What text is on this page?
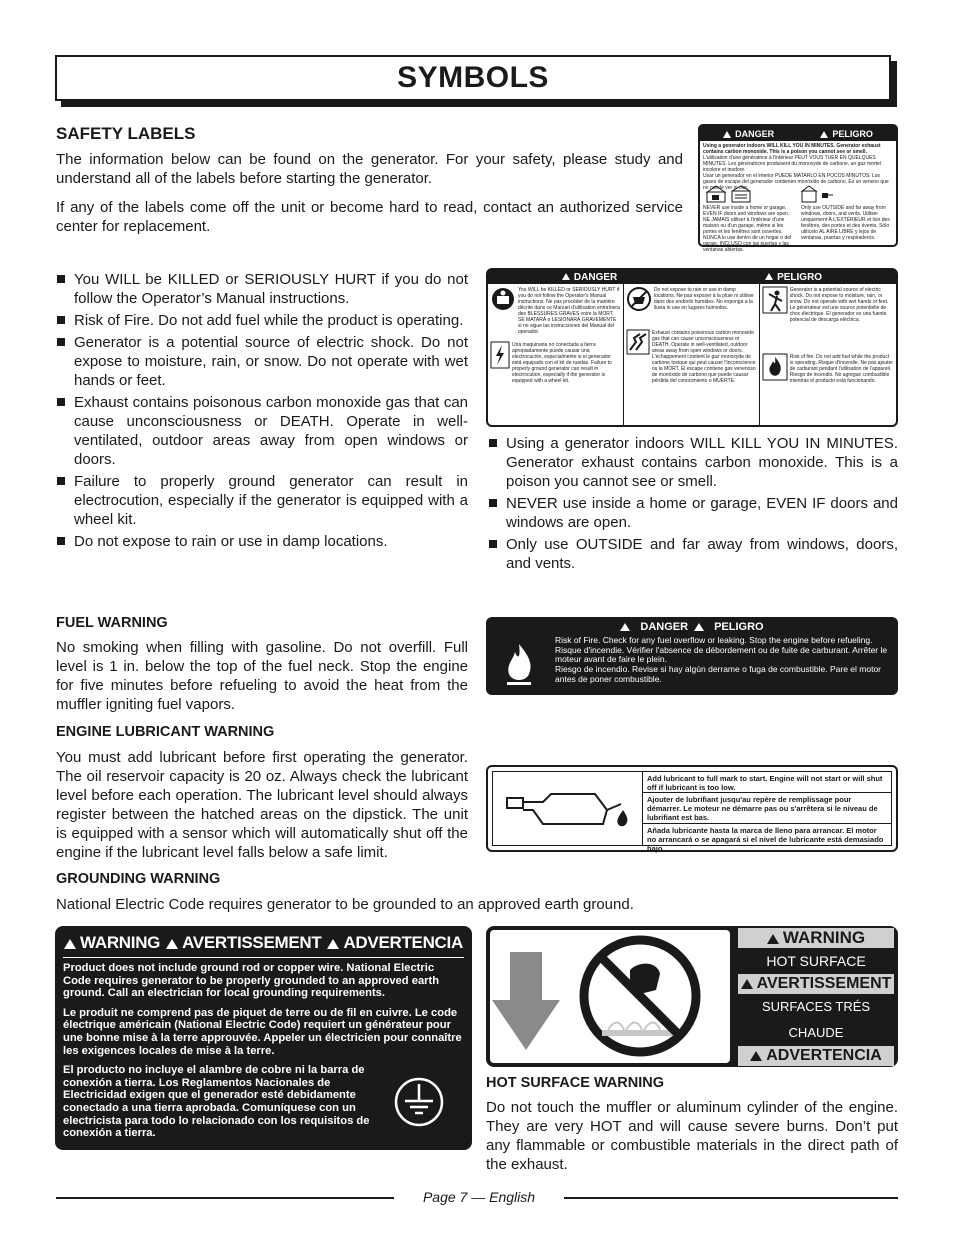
SYMBOLS
SAFETY LABELS

The information below can be found on the generator. For your safety, please study and understand all of the labels before starting the generator.

If any of the labels come off the unit or become hard to read, contact an authorized service center for replacement.

DANGER	PELIGRO
Using a generator indoors WILL KILL YOU IN MINUTES. Generator exhaust contains carbon monoxide. This is a poison you cannot see or smell.
L'utilisation d'une génératrice à l'intérieur PEUT VOUS TUER EN QUELQUES MINUTES. Les génératrices produisent du monoxyde de carbone, un gaz mortel incolore et inodore.
Usar un generador en el interior PUEDE MATARLO EN POCOS MINUTOS. Los gases de escape del generador contienen monóxido de carbono. Es un veneno que no puede ver ni oler.
NEVER use inside a home or garage, EVEN IF doors and windows are open. NE JAMAIS utiliser à l'intérieur d'une maison ou d'un garage, même si les portes et les fenêtres sont ouvertes. NUNCA lo use dentro de un hogar o del garaje, INCLUSO con las puertas y las ventanas abiertas.
Only use OUTSIDE and far away from windows, doors, and vents. Utiliser uniquement À L'EXTÉRIEUR et loin des fenêtres, des portes et des évents. Sólo utilícelo AL AIRE LIBRE y lejos de ventanas, puertas y respiraderos.
You WILL be KILLED or SERIOUSLY HURT if you do not follow the Operator’s Manual instructions.
Risk of Fire. Do not add fuel while the product is operating.
Generator is a potential source of electric shock. Do not expose to moisture, rain, or snow. Do not operate with wet hands or feet.
Exhaust contains poisonous carbon monoxide gas that can cause unconsciousness or DEATH. Operate in well-ventilated, outdoor areas away from open windows or doors.
Failure to properly ground generator can result in electrocution, especially if the generator is equipped with a wheel kit.
Do not expose to rain or use in damp locations.
DANGER	PELIGRO
You WILL be KILLED or SERIOUSLY HURT if you do not follow the Operator's Manual instructions. Ne pas procéder de la manière décrite dans ce Manuel d'utilisation entraînera des BLESSURES GRAVES voire la MORT. SE MATARÁ o LESIONARÁ GRAVEMENTE si no sigue las instrucciones del Manual del operador.
Una maquinaria no conectada a tierra apropiadamente puede causar una electrocución, especialmente si el generador está equipado con el kit de ruedas. Failure to properly ground generator can result in electrocution, especially if the generator is equipped with a wheel kit.
Do not expose to rain or use in damp locations. Ne pas exposer à la pluie ni utiliser dans des endroits humides. No exponga a la lluvia ni use en lugares húmedos.
Exhaust contains poisonous carbon monoxide gas that can cause unconsciousness or DEATH. Operate in well-ventilated, outdoor areas away from open windows or doors. L'échappement contient le gaz monoxyde de carbone toxique qui peut causer l'inconscience ou la MORT. El escape contiene gas venenoso de monóxido de carbono que puede causar pérdida del conocimiento o MUERTE.
Generator is a potential source of electric shock. Do not expose to moisture, rain, or snow. Do not operate with wet hands or feet. Le générateur est une source potentielle de choc électrique. El generador es una fuente potencial de descarga eléctrica.
Risk of fire. Do not add fuel while the product is operating. Risque d'incendie. Ne pas ajouter de carburant pendant l'utilisation de l'appareil. Riesgo de incendio. No agregue combustible mientras el producto está funcionando.
Using a generator indoors WILL KILL YOU IN MINUTES. Generator exhaust contains carbon monoxide. This is a poison you cannot see or smell.
NEVER use inside a home or garage, EVEN IF doors and windows are open.
Only use OUTSIDE and far away from windows, doors, and vents.
FUEL WARNING

No smoking when filling with gasoline. Do not overfill. Full level is 1 in. below the top of the fuel neck. Stop the engine for five minutes before refueling to avoid the heat from the muffler igniting fuel vapors.

DANGER PELIGRO
Risk of Fire. Check for any fuel overflow or leaking. Stop the engine before refueling.
Risque d'incendie. Vérifier l'absence de débordement ou de fuite de carburant. Arrêter le moteur avant de faire le plein.
Riesgo de incendio. Revise si hay algún derrame o fuga de combustible. Pare el motor antes de poner combustible.
ENGINE LUBRICANT WARNING

You must add lubricant before first operating the generator. The oil reservoir capacity is 20 oz. Always check the lubricant level before each operation. The lubricant level should always register between the hatched areas on the dipstick. The unit is equipped with a sensor which will automatically shut off the engine if the lubricant level falls below a safe limit.

Add lubricant to full mark to start. Engine will not start or will shut off if lubricant is too low.
Ajouter de lubrifiant jusqu'au repère de remplissage pour démarrer. Le moteur ne démarre pas ou s'arrêtera si le niveau de lubrifiant est bas.
Añada lubricante hasta la marca de lleno para arrancar. El motor no arrancará o se apagará si el nivel de lubricante está demasiado bajo.
GROUNDING WARNING

National Electric Code requires generator to be grounded to an approved earth ground.

WARNING	AVERTISSEMENT	ADVERTENCIA
Product does not include ground rod or copper wire. National Electric Code requires generator to be properly grounded to an approved earth ground. Call an electrician for local grounding requirements.
Le produit ne comprend pas de piquet de terre ou de fil en cuivre. Le code électrique américain (National Electric Code) requiert un générateur pour une bonne mise à la terre approuvée. Appeler un électricien pour connaître les exigences locales de mise à la terre.
El producto no incluye el alambre de cobre ni la barra de conexión a tierra. Los Reglamentos Nacionales de Electricidad exigen que el generador esté debidamente conectado a una tierra aprobada. Comuníquese con un electricista para todo lo relacionado con los requisitos de conexión a tierra.
WARNING
HOT SURFACE
AVERTISSEMENT
SURFACES TRÉS CHAUDE
ADVERTENCIA
SUPERFICIES CALIENTE
HOT SURFACE WARNING

Do not touch the muffler or aluminum cylinder of the engine. They are very HOT and will cause severe burns. Don’t put any flammable or combustible materials in the direct path of the exhaust.

Page 7 — English
